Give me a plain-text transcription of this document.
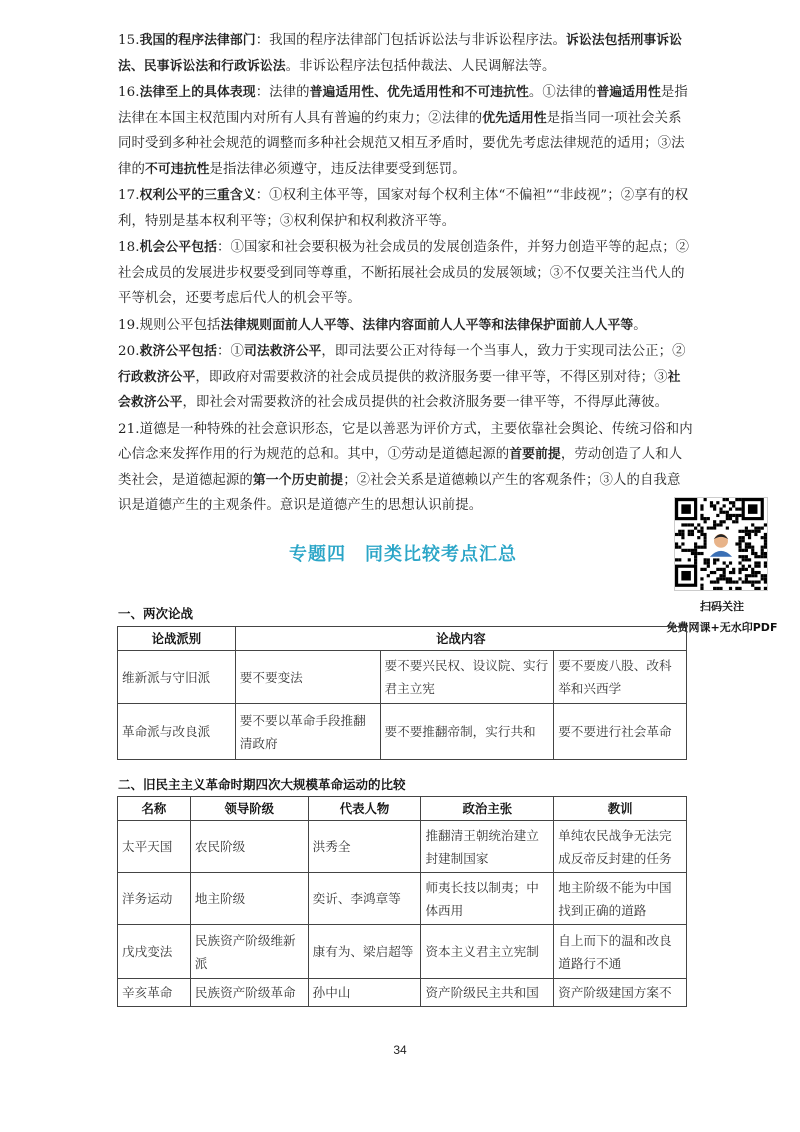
15.我国的程序法律部门：我国的程序法律部门包括诉讼法与非诉讼程序法。诉讼法包括刑事诉讼法、民事诉讼法和行政诉讼法。非诉讼程序法包括仲裁法、人民调解法等。

16.法律至上的具体表现：法律的普遍适用性、优先适用性和不可违抗性。①法律的普遍适用性是指法律在本国主权范围内对所有人具有普遍的约束力；②法律的优先适用性是指当同一项社会关系同时受到多种社会规范的调整而多种社会规范又相互矛盾时，要优先考虑法律规范的适用；③法律的不可违抗性是指法律必须遵守，违反法律要受到惩罚。

17.权利公平的三重含义：①权利主体平等，国家对每个权利主体“不偏袒”“非歧视”；②享有的权利，特别是基本权利平等；③权利保护和权利救济平等。

18.机会公平包括：①国家和社会要积极为社会成员的发展创造条件，并努力创造平等的起点；②社会成员的发展进步权要受到同等尊重，不断拓展社会成员的发展领域；③不仅要关注当代人的平等机会，还要考虑后代人的机会平等。

19.规则公平包括法律规则面前人人平等、法律内容面前人人平等和法律保护面前人人平等。

20.救济公平包括：①司法救济公平，即司法要公正对待每一个当事人，致力于实现司法公正；②行政救济公平，即政府对需要救济的社会成员提供的救济服务要一律平等，不得区别对待；③社会救济公平，即社会对需要救济的社会成员提供的社会救济服务要一律平等，不得厚此薄彼。

21.道德是一种特殊的社会意识形态，它是以善恶为评价方式，主要依靠社会舆论、传统习俗和内心信念来发挥作用的行为规范的总和。其中，①劳动是道德起源的首要前提，劳动创造了人和人类社会，是道德起源的第一个历史前提；②社会关系是道德赖以产生的客观条件；③人的自我意识是道德产生的主观条件。意识是道德产生的思想认识前提。

扫码关注
免费网课+无水印PDF
专题四　同类比较考点汇总
一、两次论战
论战派别	论战内容		
维新派与守旧派	要不要变法	要不要兴民权、设议院、实行君主立宪	要不要废八股、改科举和兴西学
革命派与改良派	要不要以革命手段推翻清政府	要不要推翻帝制，实行共和	要不要进行社会革命
二、旧民主主义革命时期四次大规模革命运动的比较
名称	领导阶级	代表人物	政治主张	教训
太平天国	农民阶级	洪秀全	推翻清王朝统治建立封建制国家	单纯农民战争无法完成反帝反封建的任务
洋务运动	地主阶级	奕䜣、李鸿章等	师夷长技以制夷；中体西用	地主阶级不能为中国找到正确的道路
戊戌变法	民族资产阶级维新派	康有为、梁启超等	资本主义君主立宪制	自上而下的温和改良道路行不通
辛亥革命	民族资产阶级革命	孙中山	资产阶级民主共和国	资产阶级建国方案不
34
